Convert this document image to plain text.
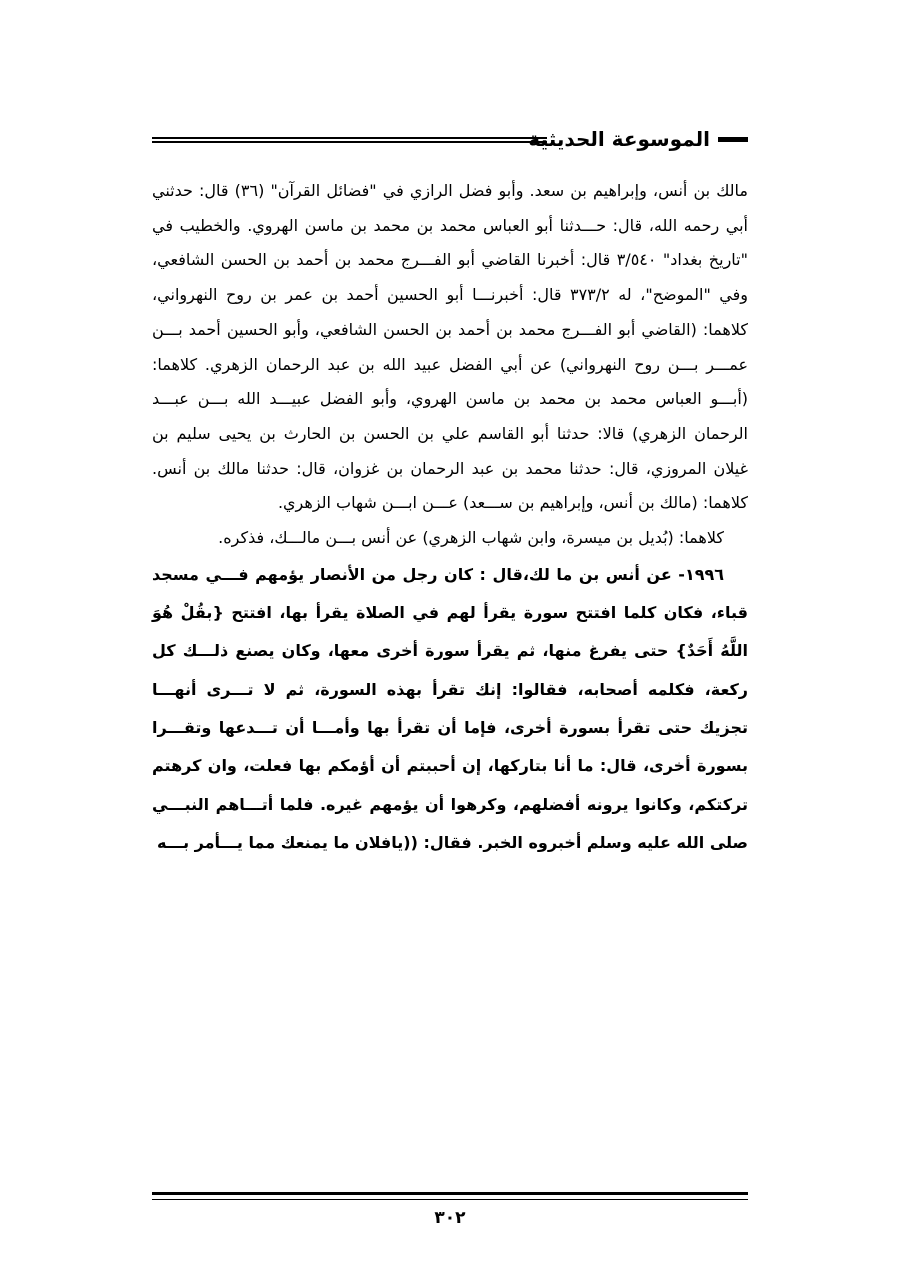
الموسوعة الحديثية

مالك بن أنس، وإبراهيم بن سعد. وأبو فضل الرازي في "فضائل القرآن" (٣٦) قال: حدثني أبي رحمه الله، قال: حـــدثنا أبو العباس محمد بن محمد بن ماسن الهروي. والخطيب في "تاريخ بغداد" ٣/٥٤٠ قال: أخبرنا القاضي أبو الفـــرج محمد بن أحمد بن الحسن الشافعي، وفي "الموضح"، له ٣٧٣/٢ قال: أخبرنـــا أبو الحسين أحمد بن عمر بن روح النهرواني، كلاهما: (القاضي أبو الفـــرج محمد بن أحمد بن الحسن الشافعي، وأبو الحسين أحمد بـــن عمـــر بـــن روح النهرواني) عن أبي الفضل عبيد الله بن عبد الرحمان الزهري. كلاهما: (أبـــو العباس محمد بن محمد بن ماسن الهروي، وأبو الفضل عبيـــد الله بـــن عبـــد الرحمان الزهري) قالا: حدثنا أبو القاسم علي بن الحسن بن الحارث بن يحيى سليم بن غيلان المروزي، قال: حدثنا محمد بن عبد الرحمان بن غزوان، قال: حدثنا مالك بن أنس. كلاهما: (مالك بن أنس، وإبراهيم بن ســـعد) عـــن ابـــن شهاب الزهري.

كلاهما: (بُديل بن ميسرة، وابن شهاب الزهري) عن أنس بـــن مالـــك، فذكره.

١٩٩٦- عن أنس بن ما لك،قال : كان رجل من الأنصار يؤمهم فـــي مسجد قباء، فكان كلما افتتح سورة يقرأ لهم في الصلاة يقرأ بها، افتتح {بقُلْ هُوَ اللَّهُ أَحَدٌ} حتى يفرغ منها، ثم يقرأ سورة أخرى معها، وكان يصنع ذلـــك كل ركعة، فكلمه أصحابه، فقالوا: إنك تقرأ بهذه السورة، ثم لا تـــرى أنهـــا تجزيك حتى تقرأ بسورة أخرى، فإما أن تقرأ بها وأمـــا أن تـــدعها وتقـــرا بسورة أخرى، قال: ما أنا بتاركها، إن أحببتم أن أؤمكم بها فعلت، وان كرهتم تركتكم، وكانوا يرونه أفضلهم، وكرهوا أن يؤمهم غيره. فلما أتـــاهم النبـــي صلى الله عليه وسلم أخبروه الخبر. فقال: ((يافلان ما يمنعك مما يـــأمر بـــه

٣٠٢
